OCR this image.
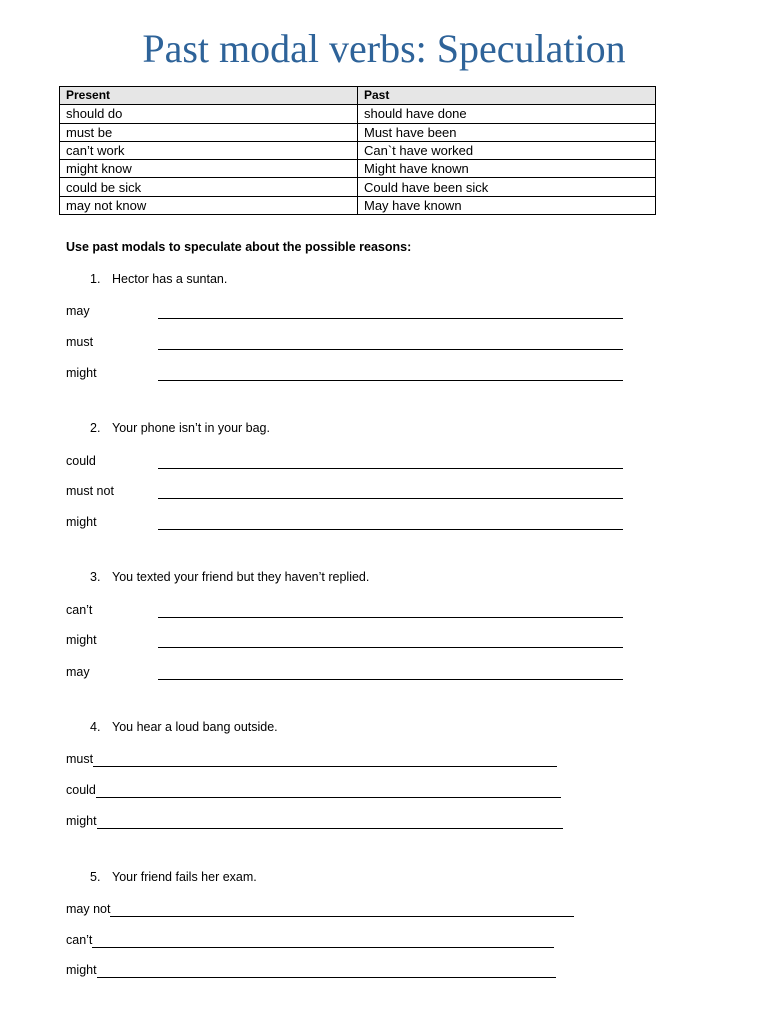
Past modal verbs: Speculation
Present	Past
should do	should have done
must be	Must have been
can’t work	Can`t have worked
might know	Might have known
could be sick	Could have been sick
may not know	May have known
Use past modals to speculate about the possible reasons:
1. Hector has a suntan.
may
must
might
2. Your phone isn’t in your bag.
could
must not
might
3. You texted your friend but they haven’t replied.
can’t
might
may
4. You hear a loud bang outside.
must
could
might
5. Your friend fails her exam.
may not
can’t
might
